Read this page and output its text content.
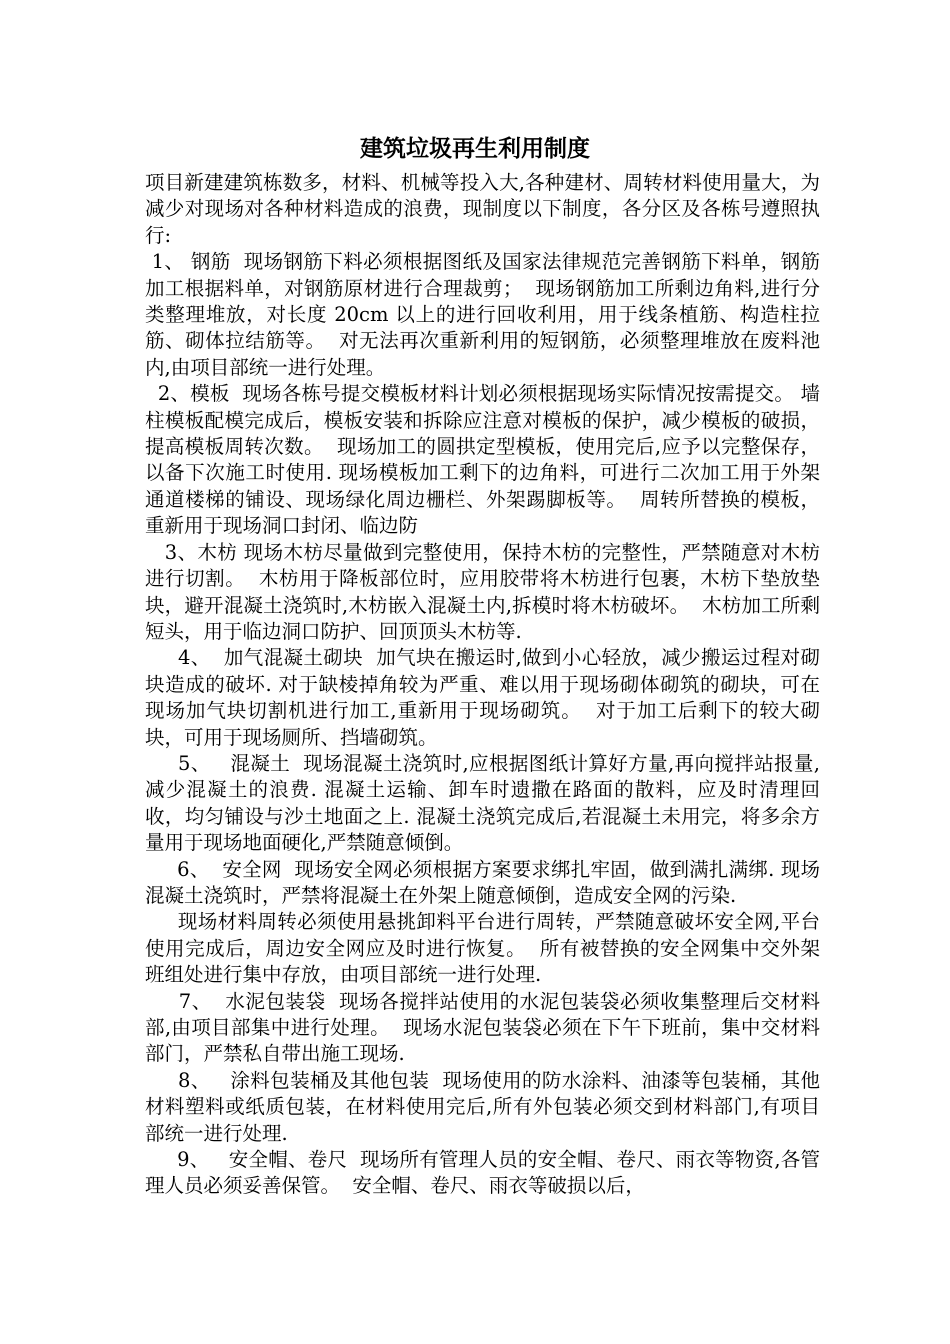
建筑垃圾再生利用制度

项目新建建筑栋数多，材料、机械等投入大,各种建材、周转材料使用量大，为减少对现场对各种材料造成的浪费，现制度以下制度，各分区及各栋号遵照执行:

1、 钢筋  现场钢筋下料必须根据图纸及国家法律规范完善钢筋下料单，钢筋加工根据料单，对钢筋原材进行合理裁剪；  现场钢筋加工所剩边角料,进行分类整理堆放，对长度 20cm 以上的进行回收利用，用于线条植筋、构造柱拉筋、砌体拉结筋等。  对无法再次重新利用的短钢筋，必须整理堆放在废料池内,由项目部统一进行处理。

2、模板  现场各栋号提交模板材料计划必须根据现场实际情况按需提交。 墙柱模板配模完成后，模板安装和拆除应注意对模板的保护，减少模板的破损，提高模板周转次数。  现场加工的圆拱定型模板，使用完后,应予以完整保存，以备下次施工时使用. 现场模板加工剩下的边角料，可进行二次加工用于外架通道楼梯的铺设、现场绿化周边栅栏、外架踢脚板等。  周转所替换的模板，重新用于现场洞口封闭、临边防

3、木枋 现场木枋尽量做到完整使用，保持木枋的完整性，严禁随意对木枋进行切割。  木枋用于降板部位时，应用胶带将木枋进行包裹，木枋下垫放垫块，避开混凝土浇筑时,木枋嵌入混凝土内,拆模时将木枋破坏。  木枋加工所剩短头，用于临边洞口防护、回顶顶头木枋等.

4、  加气混凝土砌块  加气块在搬运时,做到小心轻放，减少搬运过程对砌块造成的破坏. 对于缺棱掉角较为严重、难以用于现场砌体砌筑的砌块，可在现场加气块切割机进行加工,重新用于现场砌筑。  对于加工后剩下的较大砌块，可用于现场厕所、挡墙砌筑。

5、   混凝土  现场混凝土浇筑时,应根据图纸计算好方量,再向搅拌站报量,减少混凝土的浪费. 混凝土运输、卸车时遗撒在路面的散料，应及时清理回收，均匀铺设与沙土地面之上. 混凝土浇筑完成后,若混凝土未用完，将多余方量用于现场地面硬化,严禁随意倾倒。

6、  安全网  现场安全网必须根据方案要求绑扎牢固，做到满扎满绑. 现场混凝土浇筑时，严禁将混凝土在外架上随意倾倒，造成安全网的污染.

现场材料周转必须使用悬挑卸料平台进行周转，严禁随意破坏安全网,平台使用完成后，周边安全网应及时进行恢复。  所有被替换的安全网集中交外架班组处进行集中存放，由项目部统一进行处理.

7、  水泥包装袋  现场各搅拌站使用的水泥包装袋必须收集整理后交材料部,由项目部集中进行处理。  现场水泥包装袋必须在下午下班前，集中交材料部门，严禁私自带出施工现场.

8、   涂料包装桶及其他包装  现场使用的防水涂料、油漆等包装桶，其他材料塑料或纸质包装，在材料使用完后,所有外包装必须交到材料部门,有项目部统一进行处理.

9、   安全帽、卷尺  现场所有管理人员的安全帽、卷尺、雨衣等物资,各管理人员必须妥善保管。  安全帽、卷尺、雨衣等破损以后，
